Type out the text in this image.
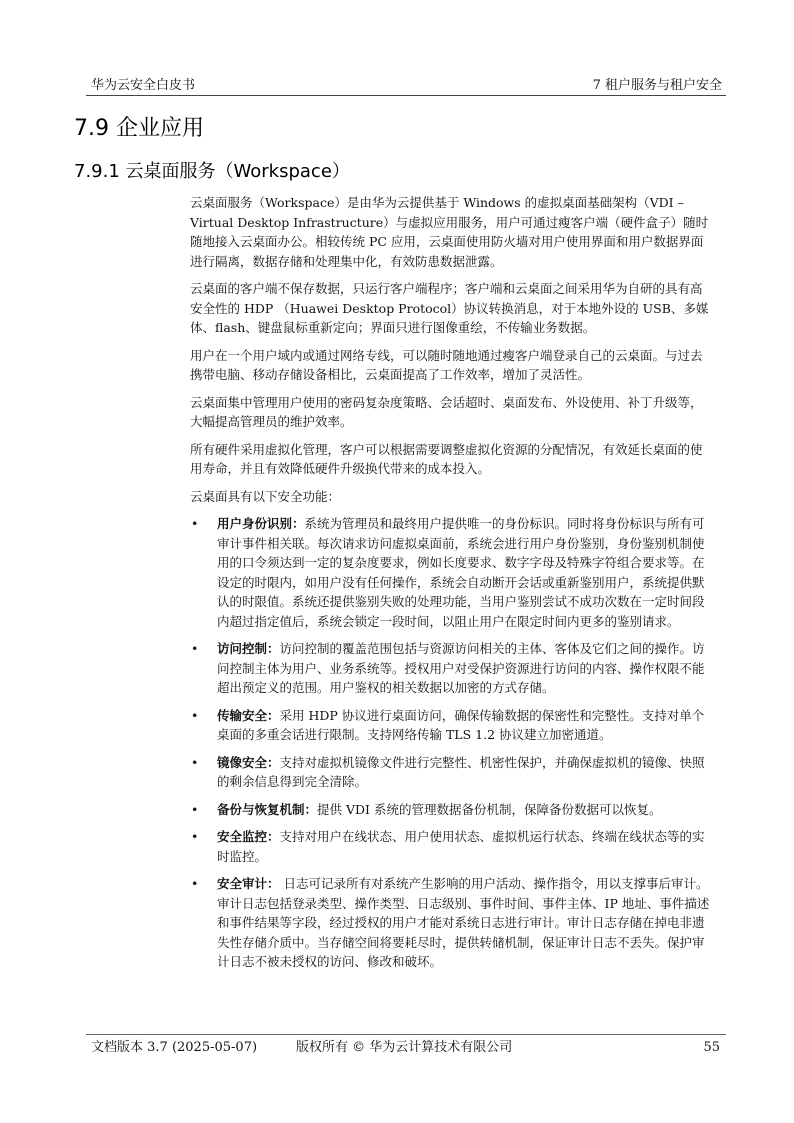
华为云安全白皮书	7 租户服务与租户安全
7.9 企业应用
7.9.1 云桌面服务（Workspace）

云桌面服务（Workspace）是由华为云提供基于 Windows 的虚拟桌面基础架构（VDI – Virtual Desktop Infrastructure）与虚拟应用服务，用户可通过瘦客户端（硬件盒子）随时随地接入云桌面办公。相较传统 PC 应用，云桌面使用防火墙对用户使用界面和用户数据界面进行隔离，数据存储和处理集中化，有效防患数据泄露。

云桌面的客户端不保存数据，只运行客户端程序；客户端和云桌面之间采用华为自研的具有高安全性的 HDP （Huawei Desktop Protocol）协议转换消息，对于本地外设的 USB、多媒体、flash、键盘鼠标重新定向；界面只进行图像重绘，不传输业务数据。

用户在一个用户域内或通过网络专线，可以随时随地通过瘦客户端登录自己的云桌面。与过去携带电脑、移动存储设备相比，云桌面提高了工作效率，增加了灵活性。

云桌面集中管理用户使用的密码复杂度策略、会话超时、桌面发布、外设使用、补丁升级等，大幅提高管理员的维护效率。

所有硬件采用虚拟化管理，客户可以根据需要调整虚拟化资源的分配情况，有效延长桌面的使用寿命，并且有效降低硬件升级换代带来的成本投入。

云桌面具有以下安全功能：

• 用户身份识别：系统为管理员和最终用户提供唯一的身份标识。同时将身份标识与所有可审计事件相关联。每次请求访问虚拟桌面前，系统会进行用户身份鉴别，身份鉴别机制使用的口令须达到一定的复杂度要求，例如长度要求、数字字母及特殊字符组合要求等。在设定的时限内，如用户没有任何操作，系统会自动断开会话或重新鉴别用户，系统提供默认的时限值。系统还提供鉴别失败的处理功能，当用户鉴别尝试不成功次数在一定时间段内超过指定值后，系统会锁定一段时间，以阻止用户在限定时间内更多的鉴别请求。
• 访问控制：访问控制的覆盖范围包括与资源访问相关的主体、客体及它们之间的操作。访问控制主体为用户、业务系统等。授权用户对受保护资源进行访问的内容、操作权限不能超出预定义的范围。用户鉴权的相关数据以加密的方式存储。
• 传输安全：采用 HDP 协议进行桌面访问，确保传输数据的保密性和完整性。支持对单个桌面的多重会话进行限制。支持网络传输 TLS 1.2 协议建立加密通道。
• 镜像安全：支持对虚拟机镜像文件进行完整性、机密性保护，并确保虚拟机的镜像、快照的剩余信息得到完全清除。
• 备份与恢复机制：提供 VDI 系统的管理数据备份机制，保障备份数据可以恢复。
• 安全监控：支持对用户在线状态、用户使用状态、虚拟机运行状态、终端在线状态等的实时监控。
• 安全审计： 日志可记录所有对系统产生影响的用户活动、操作指令，用以支撑事后审计。审计日志包括登录类型、操作类型、日志级别、事件时间、事件主体、IP 地址、事件描述和事件结果等字段，经过授权的用户才能对系统日志进行审计。审计日志存储在掉电非遗失性存储介质中。当存储空间将要耗尽时，提供转储机制，保证审计日志不丢失。保护审计日志不被未授权的访问、修改和破坏。
文档版本 3.7 (2025-05-07)	版权所有 © 华为云计算技术有限公司	55
